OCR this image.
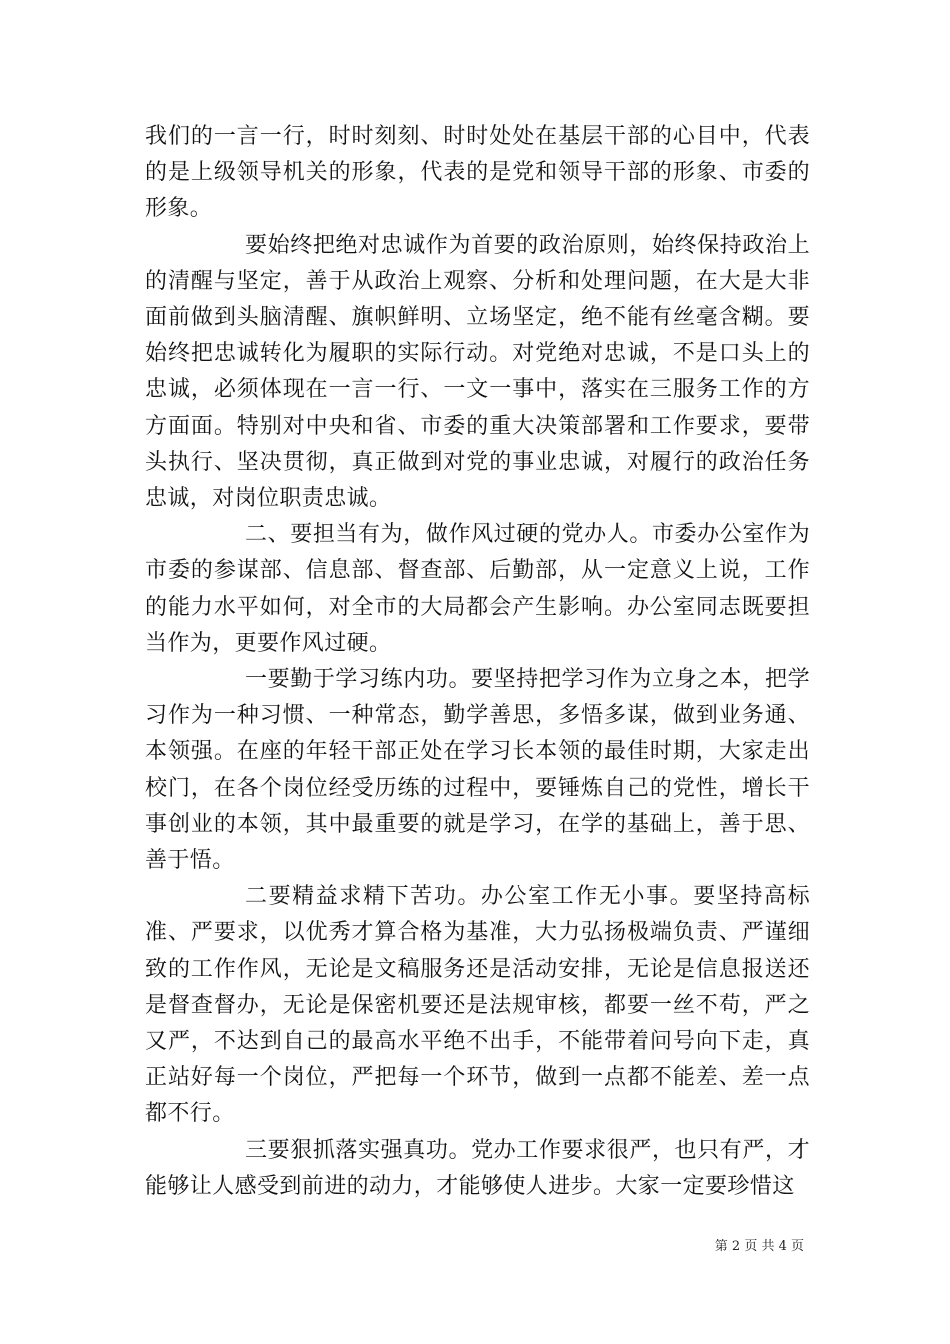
我们的一言一行，时时刻刻、时时处处在基层干部的心目中，代表的是上级领导机关的形象，代表的是党和领导干部的形象、市委的形象。

要始终把绝对忠诚作为首要的政治原则，始终保持政治上的清醒与坚定，善于从政治上观察、分析和处理问题，在大是大非面前做到头脑清醒、旗帜鲜明、立场坚定，绝不能有丝毫含糊。要始终把忠诚转化为履职的实际行动。对党绝对忠诚，不是口头上的忠诚，必须体现在一言一行、一文一事中，落实在三服务工作的方方面面。特别对中央和省、市委的重大决策部署和工作要求，要带头执行、坚决贯彻，真正做到对党的事业忠诚，对履行的政治任务忠诚，对岗位职责忠诚。

二、要担当有为，做作风过硬的党办人。市委办公室作为市委的参谋部、信息部、督查部、后勤部，从一定意义上说，工作的能力水平如何，对全市的大局都会产生影响。办公室同志既要担当作为，更要作风过硬。

一要勤于学习练内功。要坚持把学习作为立身之本，把学习作为一种习惯、一种常态，勤学善思，多悟多谋，做到业务通、本领强。在座的年轻干部正处在学习长本领的最佳时期，大家走出校门，在各个岗位经受历练的过程中，要锤炼自己的党性，增长干事创业的本领，其中最重要的就是学习，在学的基础上，善于思、善于悟。

二要精益求精下苦功。办公室工作无小事。要坚持高标准、严要求，以优秀才算合格为基准，大力弘扬极端负责、严谨细致的工作作风，无论是文稿服务还是活动安排，无论是信息报送还是督查督办，无论是保密机要还是法规审核，都要一丝不苟，严之又严，不达到自己的最高水平绝不出手，不能带着问号向下走，真正站好每一个岗位，严把每一个环节，做到一点都不能差、差一点都不行。

三要狠抓落实强真功。党办工作要求很严，也只有严，才能够让人感受到前进的动力，才能够使人进步。大家一定要珍惜这

第 2 页 共 4 页
